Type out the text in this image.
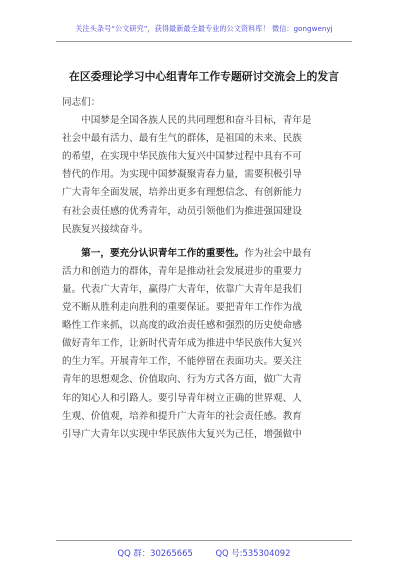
关注头条号“公文研究”，获得最新最全最专业的公文资料库！ 微信：gongwenyj
在区委理论学习中心组青年工作专题研讨交流会上的发言
同志们：
　　中国梦是全国各族人民的共同理想和奋斗目标，青年是
社会中最有活力、最有生气的群体，是祖国的未来、民族
的希望，在实现中华民族伟大复兴中国梦过程中具有不可
替代的作用。为实现中国梦凝聚青春力量，需要积极引导
广大青年全面发展，培养出更多有理想信念、有创新能力
有社会责任感的优秀青年，动员引领他们为推进强国建设
民族复兴接续奋斗。
　　第一，要充分认识青年工作的重要性。作为社会中最有
活力和创造力的群体，青年是推动社会发展进步的重要力
量。代表广大青年，赢得广大青年，依靠广大青年是我们
党不断从胜利走向胜利的重要保证。要把青年工作作为战
略性工作来抓，以高度的政治责任感和强烈的历史使命感
做好青年工作，让新时代青年成为推进中华民族伟大复兴
的生力军。开展青年工作，不能停留在表面功夫。要关注
青年的思想观念、价值取向、行为方式各方面，做广大青
年的知心人和引路人。要引导青年树立正确的世界观、人
生观、价值观，培养和提升广大青年的社会责任感。教育
引导广大青年以实现中华民族伟大复兴为己任，增强做中
QQ 群：30265665	QQ 号:535304092
